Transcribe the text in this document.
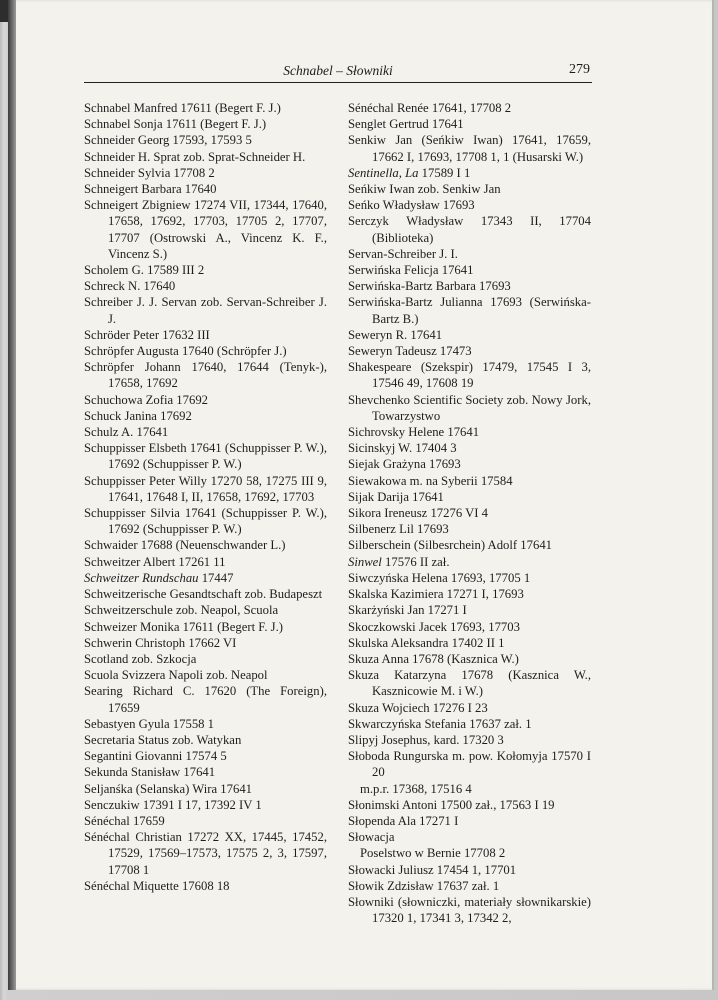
Schnabel – Słowniki	279

Schnabel Manfred 17611 (Begert F. J.)

Schnabel Sonja 17611 (Begert F. J.)

Schneider Georg 17593, 17593 5

Schneider H. Sprat zob. Sprat-Schneider H.

Schneider Sylvia 17708 2

Schneigert Barbara 17640

Schneigert Zbigniew 17274 VII, 17344, 17640, 17658, 17692, 17703, 17705 2, 17707, 17707 (Ostrowski A., Vincenz K. F., Vincenz S.)

Scholem G. 17589 III 2

Schreck N. 17640

Schreiber J. J. Servan zob. Servan-Schreiber J. J.

Schröder Peter 17632 III

Schröpfer Augusta 17640 (Schröpfer J.)

Schröpfer Johann 17640, 17644 (Tenyk-), 17658, 17692

Schuchowa Zofia 17692

Schuck Janina 17692

Schulz A. 17641

Schuppisser Elsbeth 17641 (Schuppisser P. W.), 17692 (Schuppisser P. W.)

Schuppisser Peter Willy 17270 58, 17275 III 9, 17641, 17648 I, II, 17658, 17692, 17703

Schuppisser Silvia 17641 (Schuppisser P. W.), 17692 (Schuppisser P. W.)

Schwaider 17688 (Neuenschwander L.)

Schweitzer Albert 17261 11

Schweitzer Rundschau 17447

Schweitzerische Gesandtschaft zob. Budapeszt

Schweitzerschule zob. Neapol, Scuola

Schweizer Monika 17611 (Begert F. J.)

Schwerin Christoph 17662 VI

Scotland zob. Szkocja

Scuola Svizzera Napoli zob. Neapol

Searing Richard C. 17620 (The Foreign), 17659

Sebastyen Gyula 17558 1

Secretaria Status zob. Watykan

Segantini Giovanni 17574 5

Sekunda Stanisław 17641

Seljanśka (Selanska) Wira 17641

Senczukiw 17391 I 17, 17392 IV 1

Sénéchal 17659

Sénéchal Christian 17272 XX, 17445, 17452, 17529, 17569–17573, 17575 2, 3, 17597, 17708 1

Sénéchal Miquette 17608 18

Sénéchal Renée 17641, 17708 2

Senglet Gertrud 17641

Senkiw Jan (Seńkiw Iwan) 17641, 17659, 17662 I, 17693, 17708 1, 1 (Husarski W.)

Sentinella, La 17589 I 1

Seńkiw Iwan zob. Senkiw Jan

Seńko Władysław 17693

Serczyk Władysław 17343 II, 17704 (Biblioteka)

Servan-Schreiber J. I.

Serwińska Felicja 17641

Serwińska-Bartz Barbara 17693

Serwińska-Bartz Julianna 17693 (Serwińska-Bartz B.)

Seweryn R. 17641

Seweryn Tadeusz 17473

Shakespeare (Szekspir) 17479, 17545 I 3, 17546 49, 17608 19

Shevchenko Scientific Society zob. Nowy Jork, Towarzystwo

Sichrovsky Helene 17641

Sicinskyj W. 17404 3

Siejak Grażyna 17693

Siewakowa m. na Syberii 17584

Sijak Darija 17641

Sikora Ireneusz 17276 VI 4

Silbenerz Lil 17693

Silberschein (Silbesrchein) Adolf 17641

Sinwel 17576 II zał.

Siwczyńska Helena 17693, 17705 1

Skalska Kazimiera 17271 I, 17693

Skarżyński Jan 17271 I

Skoczkowski Jacek 17693, 17703

Skulska Aleksandra 17402 II 1

Skuza Anna 17678 (Kasznica W.)

Skuza Katarzyna 17678 (Kasznica W., Kasznicowie M. i W.)

Skuza Wojciech 17276 I 23

Skwarczyńska Stefania 17637 zał. 1

Slipyj Josephus, kard. 17320 3

Słoboda Rungurska m. pow. Kołomyja 17570 I 20

m.p.r. 17368, 17516 4

Słonimski Antoni 17500 zał., 17563 I 19

Słopenda Ala 17271 I

Słowacja

Poselstwo w Bernie 17708 2

Słowacki Juliusz 17454 1, 17701

Słowik Zdzisław 17637 zał. 1

Słowniki (słowniczki, materiały słownikarskie) 17320 1, 17341 3, 17342 2,
